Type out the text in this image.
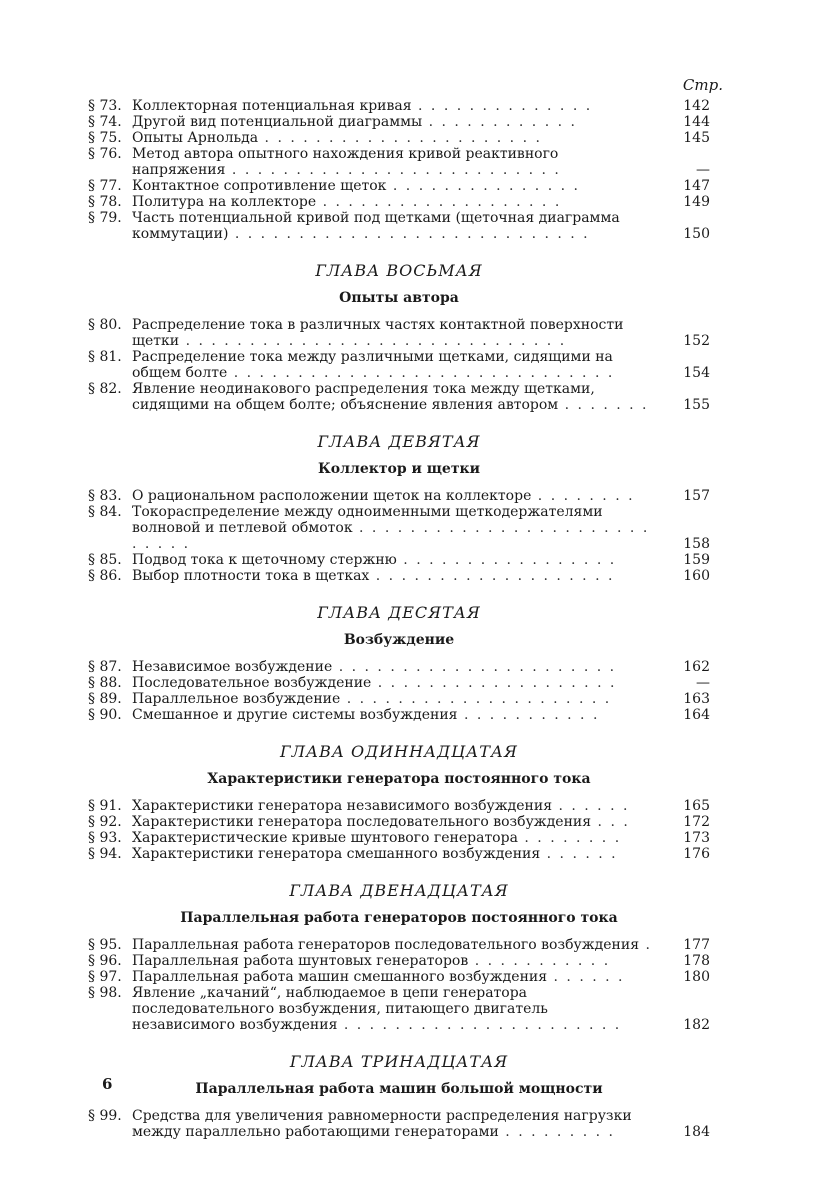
Стр.
§ 73. Коллекторная потенциальная кривая . . . . . . . . . . . . . .	142
§ 74. Другой вид потенциальной диаграммы . . . . . . . . . . . .	144
§ 75. Опыты Арнольда . . . . . . . . . . . . . . . . . . . . . .	145
§ 76. Метод автора опытного нахождения кривой реактивного напряжения . . . . . . . . . . . . . . . . . . . . . . . . . .	—
§ 77. Контактное сопротивление щеток . . . . . . . . . . . . . . .	147
§ 78. Политура на коллекторе . . . . . . . . . . . . . . . . . . .	149
§ 79. Часть потенциальной кривой под щетками (щеточная диаграмма коммутации) . . . . . . . . . . . . . . . . . . . . . . . . . . . .	150
ГЛАВА ВОСЬМАЯ
Опыты автора
§ 80. Распределение тока в различных частях контактной поверхности щетки . . . . . . . . . . . . . . . . . . . . . . . . . . . . . .	152
§ 81. Распределение тока между различными щетками, сидящими на общем болте . . . . . . . . . . . . . . . . . . . . . . . . . . . . . .	154
§ 82. Явление неодинакового распределения тока между щетками, сидящими на общем болте; объяснение явления автором . . . . . . .	155
ГЛАВА ДЕВЯТАЯ
Коллектор и щетки
§ 83. О рациональном расположении щеток на коллекторе . . . . . . . .	157
§ 84. Токораспределение между одноименными щеткодержателями волновой и петлевой обмоток . . . . . . . . . . . . . . . . . . . . . . . . . . . .	158
§ 85. Подвод тока к щеточному стержню . . . . . . . . . . . . . . . . .	159
§ 86. Выбор плотности тока в щетках . . . . . . . . . . . . . . . . . . .	160
ГЛАВА ДЕСЯТАЯ
Возбуждение
§ 87. Независимое возбуждение . . . . . . . . . . . . . . . . . . . . . .	162
§ 88. Последовательное возбуждение . . . . . . . . . . . . . . . . . . .	—
§ 89. Параллельное возбуждение . . . . . . . . . . . . . . . . . . . . .	163
§ 90. Смешанное и другие системы возбуждения . . . . . . . . . . .	164
ГЛАВА ОДИННАДЦАТАЯ
Характеристики генератора постоянного тока
§ 91. Характеристики генератора независимого возбуждения . . . . . .	165
§ 92. Характеристики генератора последовательного возбуждения . . .	172
§ 93. Характеристические кривые шунтового генератора . . . . . . . .	173
§ 94. Характеристики генератора смешанного возбуждения . . . . . .	176
ГЛАВА ДВЕНАДЦАТАЯ
Параллельная работа генераторов постоянного тока
§ 95. Параллельная работа генераторов последовательного возбуждения .	177
§ 96. Параллельная работа шунтовых генераторов . . . . . . . . . . .	178
§ 97. Параллельная работа машин смешанного возбуждения . . . . . .	180
§ 98. Явление „качаний“, наблюдаемое в цепи генератора последовательного возбуждения, питающего двигатель независимого возбуждения . . . . . . . . . . . . . . . . . . . . . .	182
ГЛАВА ТРИНАДЦАТАЯ
Параллельная работа машин большой мощности
§ 99. Средства для увеличения равномерности распределения нагрузки между параллельно работающими генераторами . . . . . . . . .	184
6
